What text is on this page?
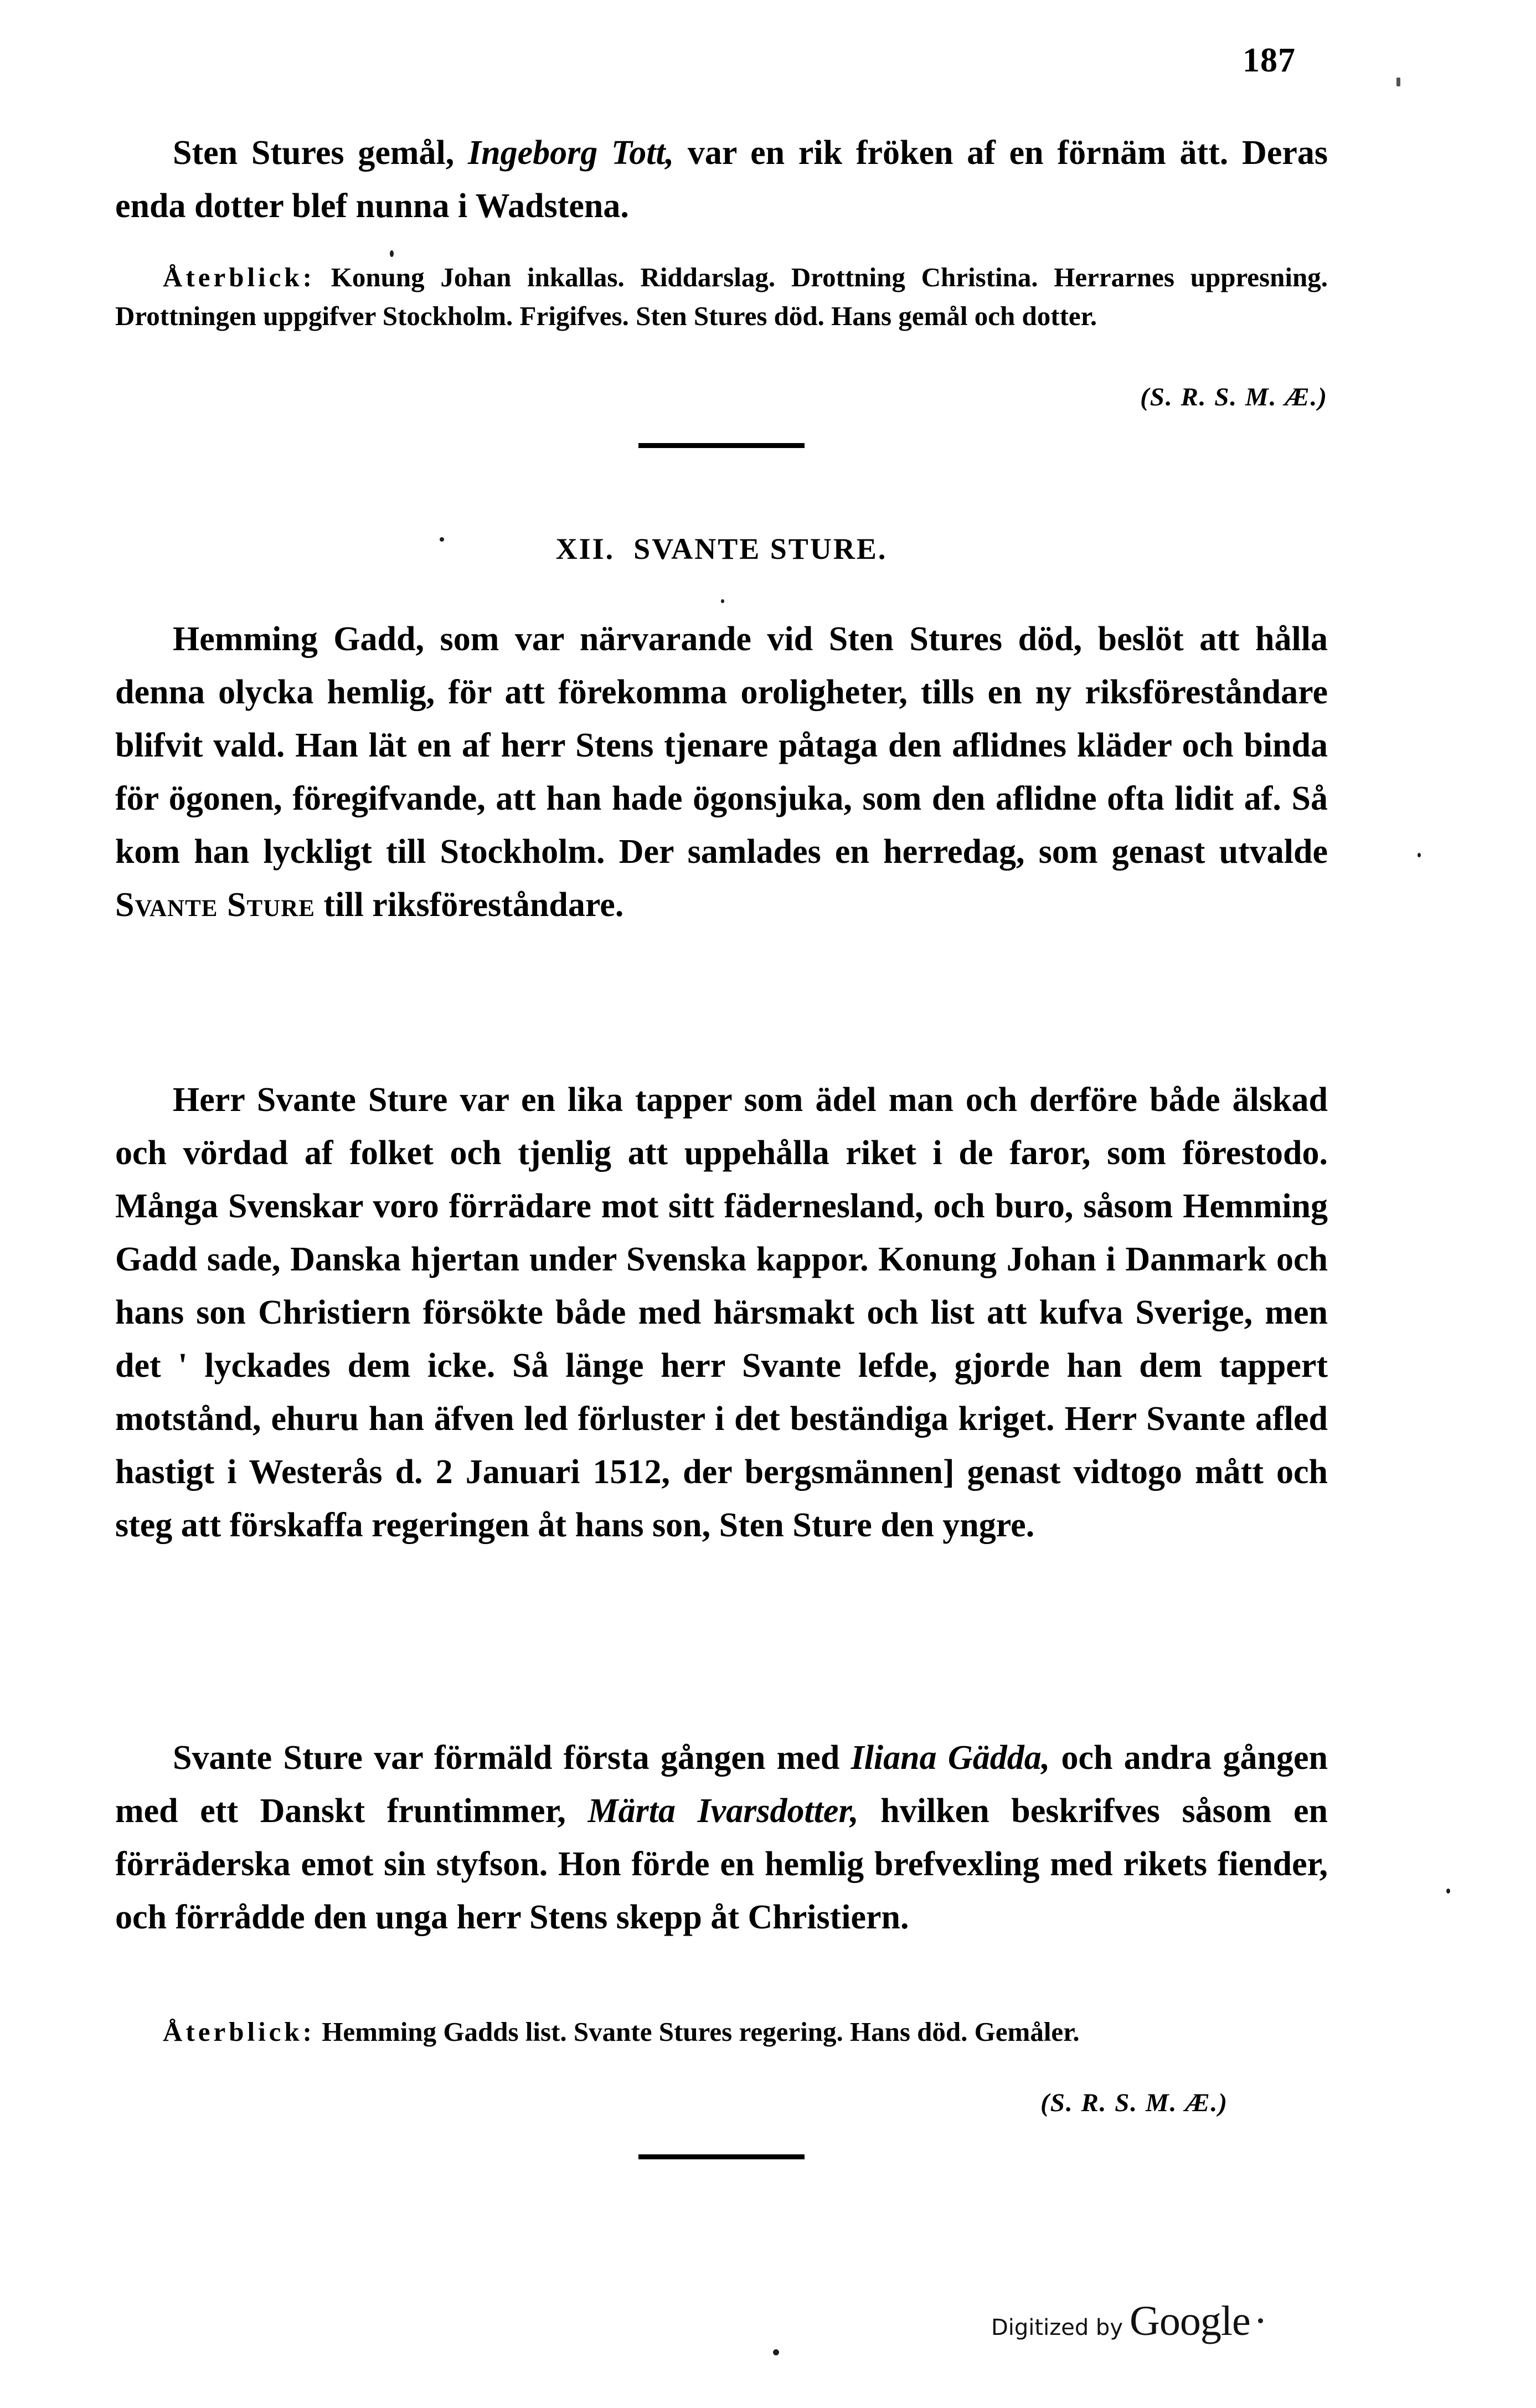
187
Sten Stures gemål, Ingeborg Tott, var en rik fröken af en förnäm ätt. Deras enda dotter blef nunna i Wadstena.
Återblick: Konung Johan inkallas. Riddarslag. Drottning Christina. Herrarnes uppresning. Drottningen uppgifver Stockholm. Frigifves. Sten Stures död. Hans gemål och dotter.
(S. R. S. M. Æ.)
XII. SVANTE STURE.
Hemming Gadd, som var närvarande vid Sten Stures död, beslöt att hålla denna olycka hemlig, för att förekomma oroligheter, tills en ny riksföreståndare blifvit vald. Han lät en af herr Stens tjenare påtaga den aflidnes kläder och binda för ögonen, föregifvande, att han hade ögonsjuka, som den aflidne ofta lidit af. Så kom han lyckligt till Stockholm. Der samlades en herredag, som genast utvalde Svante Sture till riksföreståndare.
Herr Svante Sture var en lika tapper som ädel man och derföre både älskad och vördad af folket och tjenlig att uppehålla riket i de faror, som förestodo. Många Svenskar voro förrädare mot sitt fädernesland, och buro, såsom Hemming Gadd sade, Danska hjertan under Svenska kappor. Konung Johan i Danmark och hans son Christiern försökte både med härsmakt och list att kufva Sverige, men det ' lyckades dem icke. Så länge herr Svante lefde, gjorde han dem tappert motstånd, ehuru han äfven led förluster i det beständiga kriget. Herr Svante afled hastigt i Westerås d. 2 Januari 1512, der bergsmännen] genast vidtogo mått och steg att förskaffa regeringen åt hans son, Sten Sture den yngre.
Svante Sture var förmäld första gången med Iliana Gädda, och andra gången med ett Danskt fruntimmer, Märta Ivarsdotter, hvilken beskrifves såsom en förräderska emot sin styfson. Hon förde en hemlig brefvexling med rikets fiender, och förrådde den unga herr Stens skepp åt Christiern.
Återblick: Hemming Gadds list. Svante Stures regering. Hans död. Gemåler.
(S. R. S. M. Æ.)
Digitized by Google
